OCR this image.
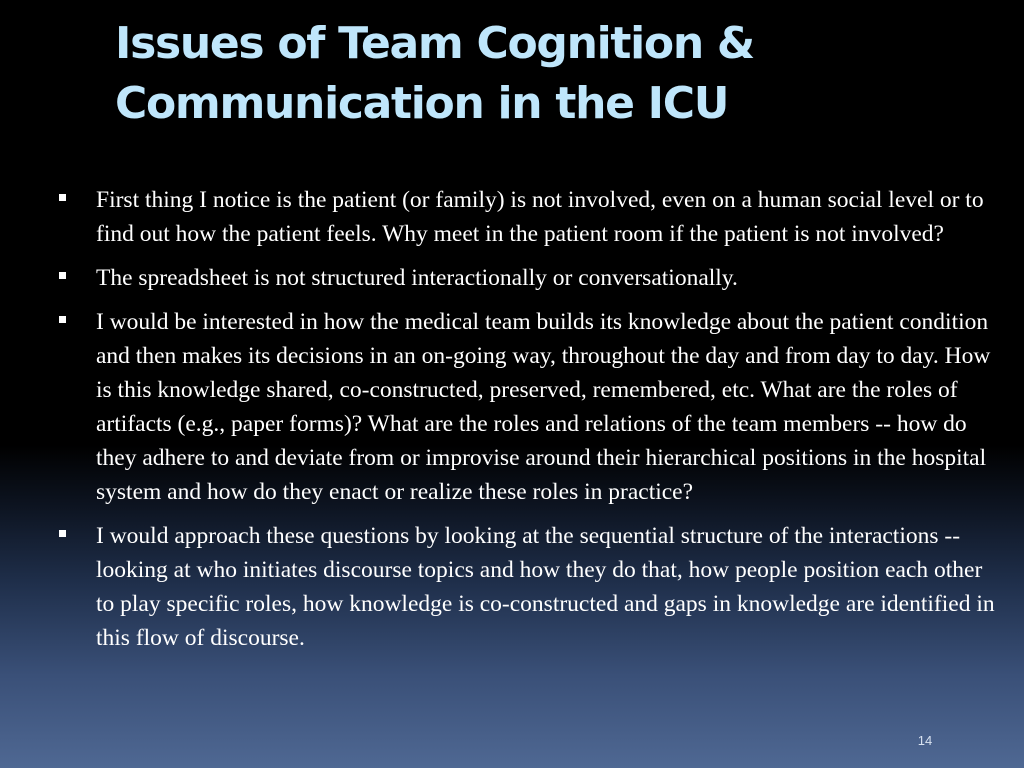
Issues of Team Cognition & Communication in the ICU
First thing I notice is the patient (or family) is not involved, even on a human social level or to find out how the patient feels. Why meet in the patient room if the patient is not involved?
The spreadsheet is not structured interactionally or conversationally.
I would be interested in how the medical team builds its knowledge about the patient condition and then makes its decisions in an on-going way, throughout the day and from day to day. How is this knowledge shared, co-constructed, preserved, remembered, etc. What are the roles of artifacts (e.g., paper forms)? What are the roles and relations of the team members -- how do they adhere to and deviate from or improvise around their hierarchical positions in the hospital system and how do they enact or realize these roles in practice?
I would approach these questions by looking at the sequential structure of the interactions -- looking at who initiates discourse topics and how they do that, how people position each other to play specific roles, how knowledge is co-constructed and gaps in knowledge are identified in this flow of discourse.
14
